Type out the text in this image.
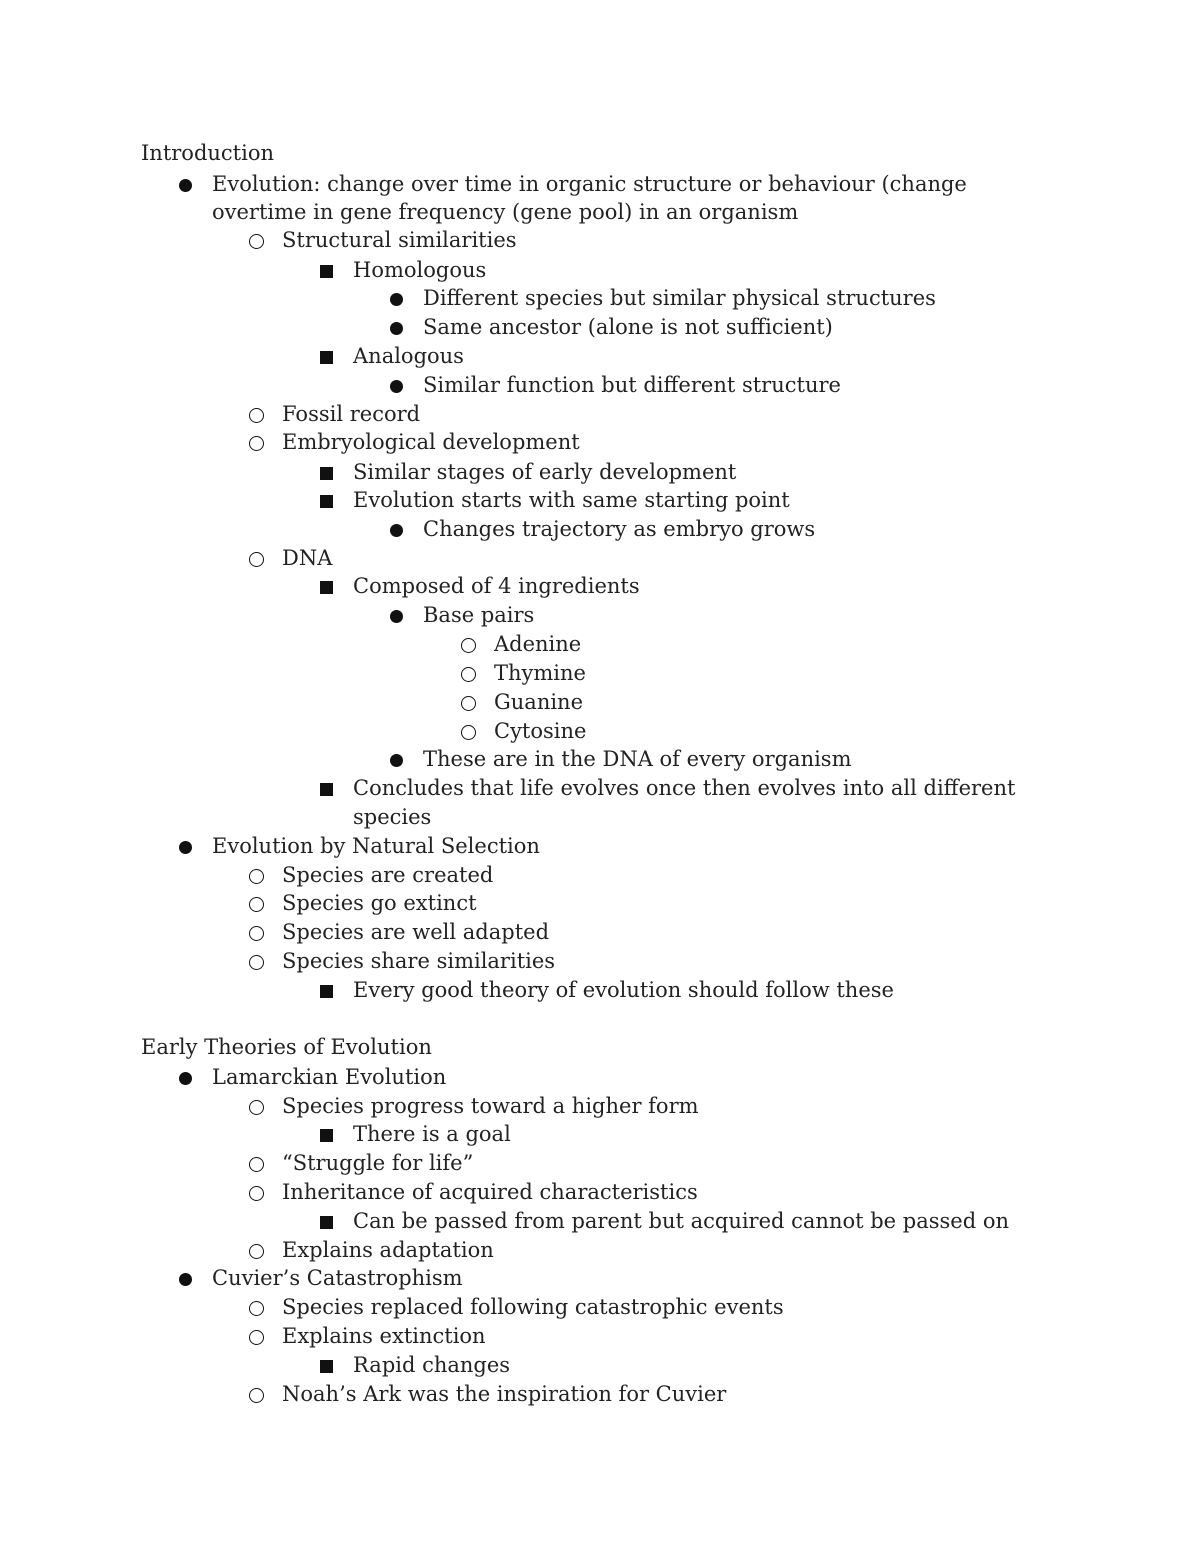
Introduction
Evolution: change over time in organic structure or behaviour (change
overtime in gene frequency (gene pool) in an organism
Structural similarities
Homologous
Different species but similar physical structures
Same ancestor (alone is not sufficient)
Analogous
Similar function but different structure
Fossil record
Embryological development
Similar stages of early development
Evolution starts with same starting point
Changes trajectory as embryo grows
DNA
Composed of 4 ingredients
Base pairs
Adenine
Thymine
Guanine
Cytosine
These are in the DNA of every organism
Concludes that life evolves once then evolves into all different
species
Evolution by Natural Selection
Species are created
Species go extinct
Species are well adapted
Species share similarities
Every good theory of evolution should follow these
Early Theories of Evolution
Lamarckian Evolution
Species progress toward a higher form
There is a goal
“Struggle for life”
Inheritance of acquired characteristics
Can be passed from parent but acquired cannot be passed on
Explains adaptation
Cuvier’s Catastrophism
Species replaced following catastrophic events
Explains extinction
Rapid changes
Noah’s Ark was the inspiration for Cuvier
